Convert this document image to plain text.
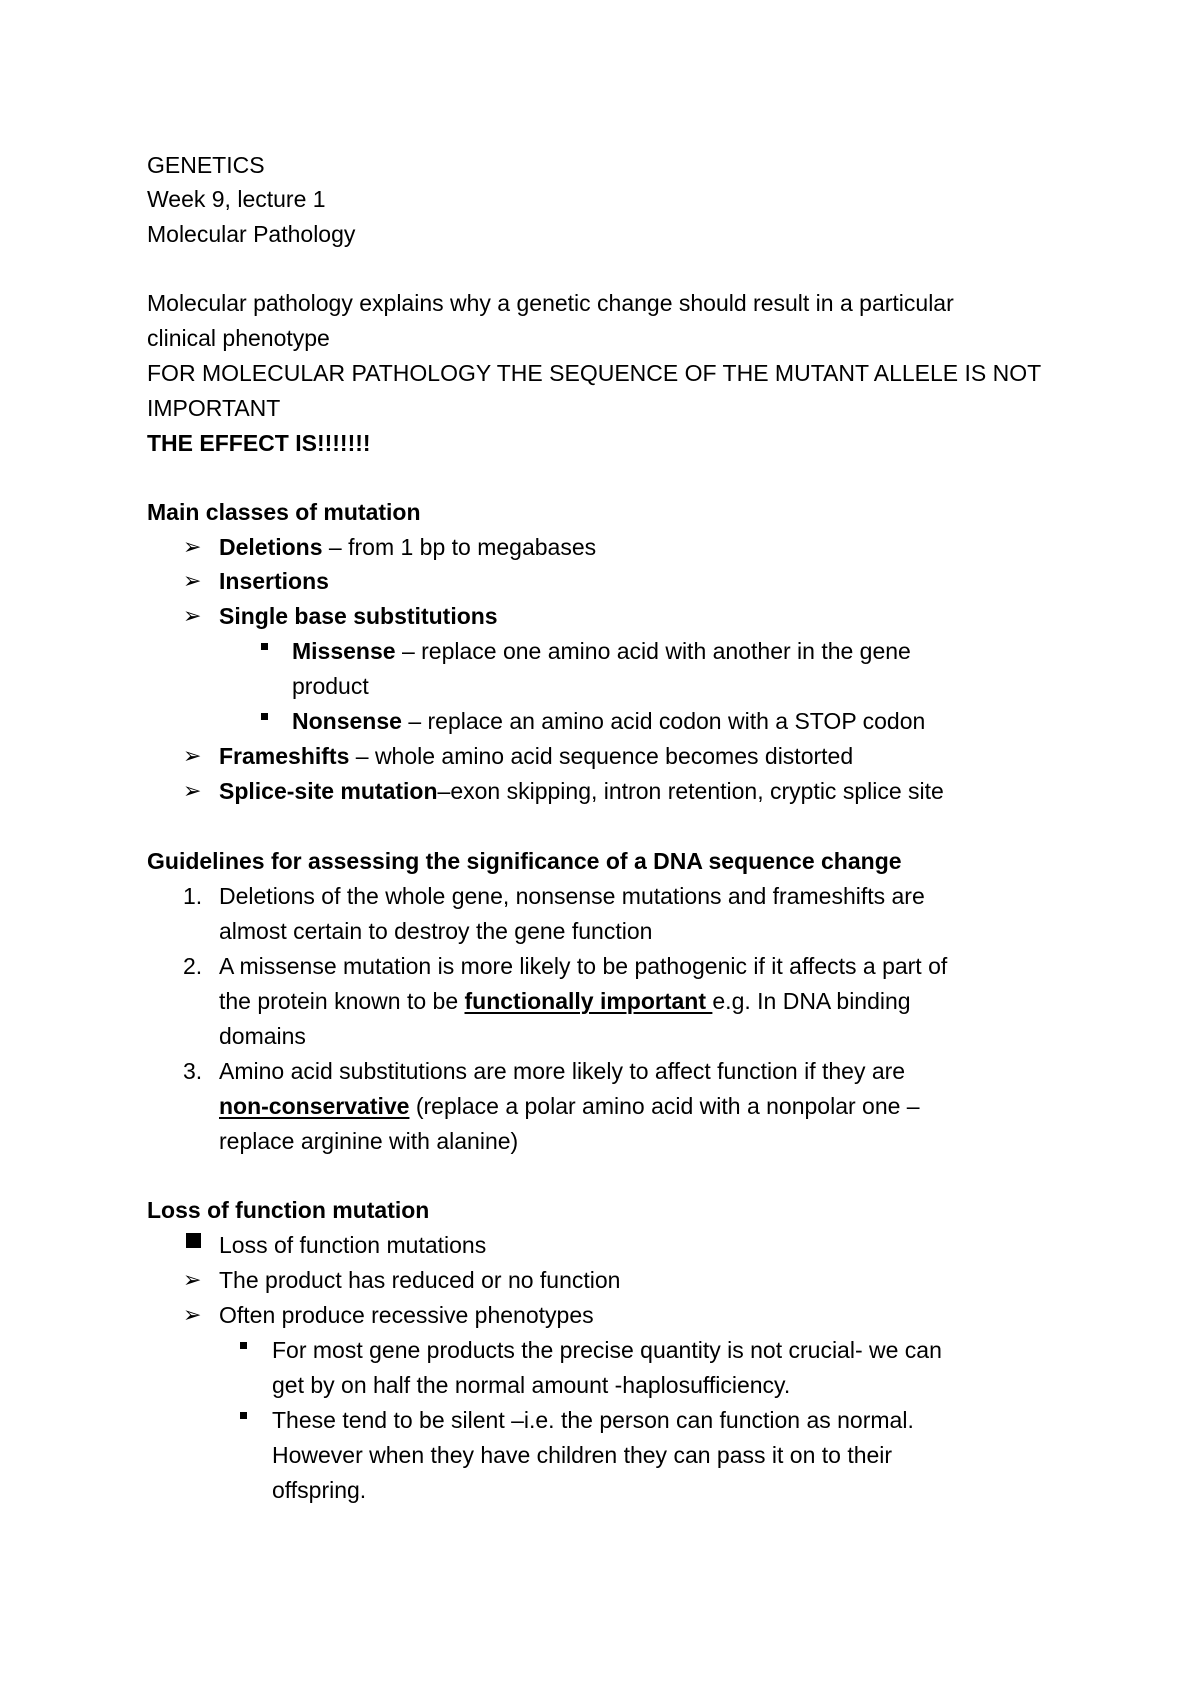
GENETICS
Week 9, lecture 1
Molecular Pathology
Molecular pathology explains why a genetic change should result in a particular
clinical phenotype
FOR MOLECULAR PATHOLOGY THE SEQUENCE OF THE MUTANT ALLELE IS NOT
IMPORTANT
THE EFFECT IS!!!!!!!
Main classes of mutation
➢ Deletions – from 1 bp to megabases
➢ Insertions
➢ Single base substitutions
Missense – replace one amino acid with another in the gene
product
Nonsense – replace an amino acid codon with a STOP codon
➢ Frameshifts – whole amino acid sequence becomes distorted
➢ Splice-site mutation–exon skipping, intron retention, cryptic splice site
Guidelines for assessing the significance of a DNA sequence change
1. Deletions of the whole gene, nonsense mutations and frameshifts are
almost certain to destroy the gene function
2. A missense mutation is more likely to be pathogenic if it affects a part of
the protein known to be functionally important e.g. In DNA binding
domains
3. Amino acid substitutions are more likely to affect function if they are
non-conservative (replace a polar amino acid with a nonpolar one –
replace arginine with alanine)
Loss of function mutation
Loss of function mutations
➢ The product has reduced or no function
➢ Often produce recessive phenotypes
For most gene products the precise quantity is not crucial- we can
get by on half the normal amount -haplosufficiency.
These tend to be silent –i.e. the person can function as normal.
However when they have children they can pass it on to their
offspring.
